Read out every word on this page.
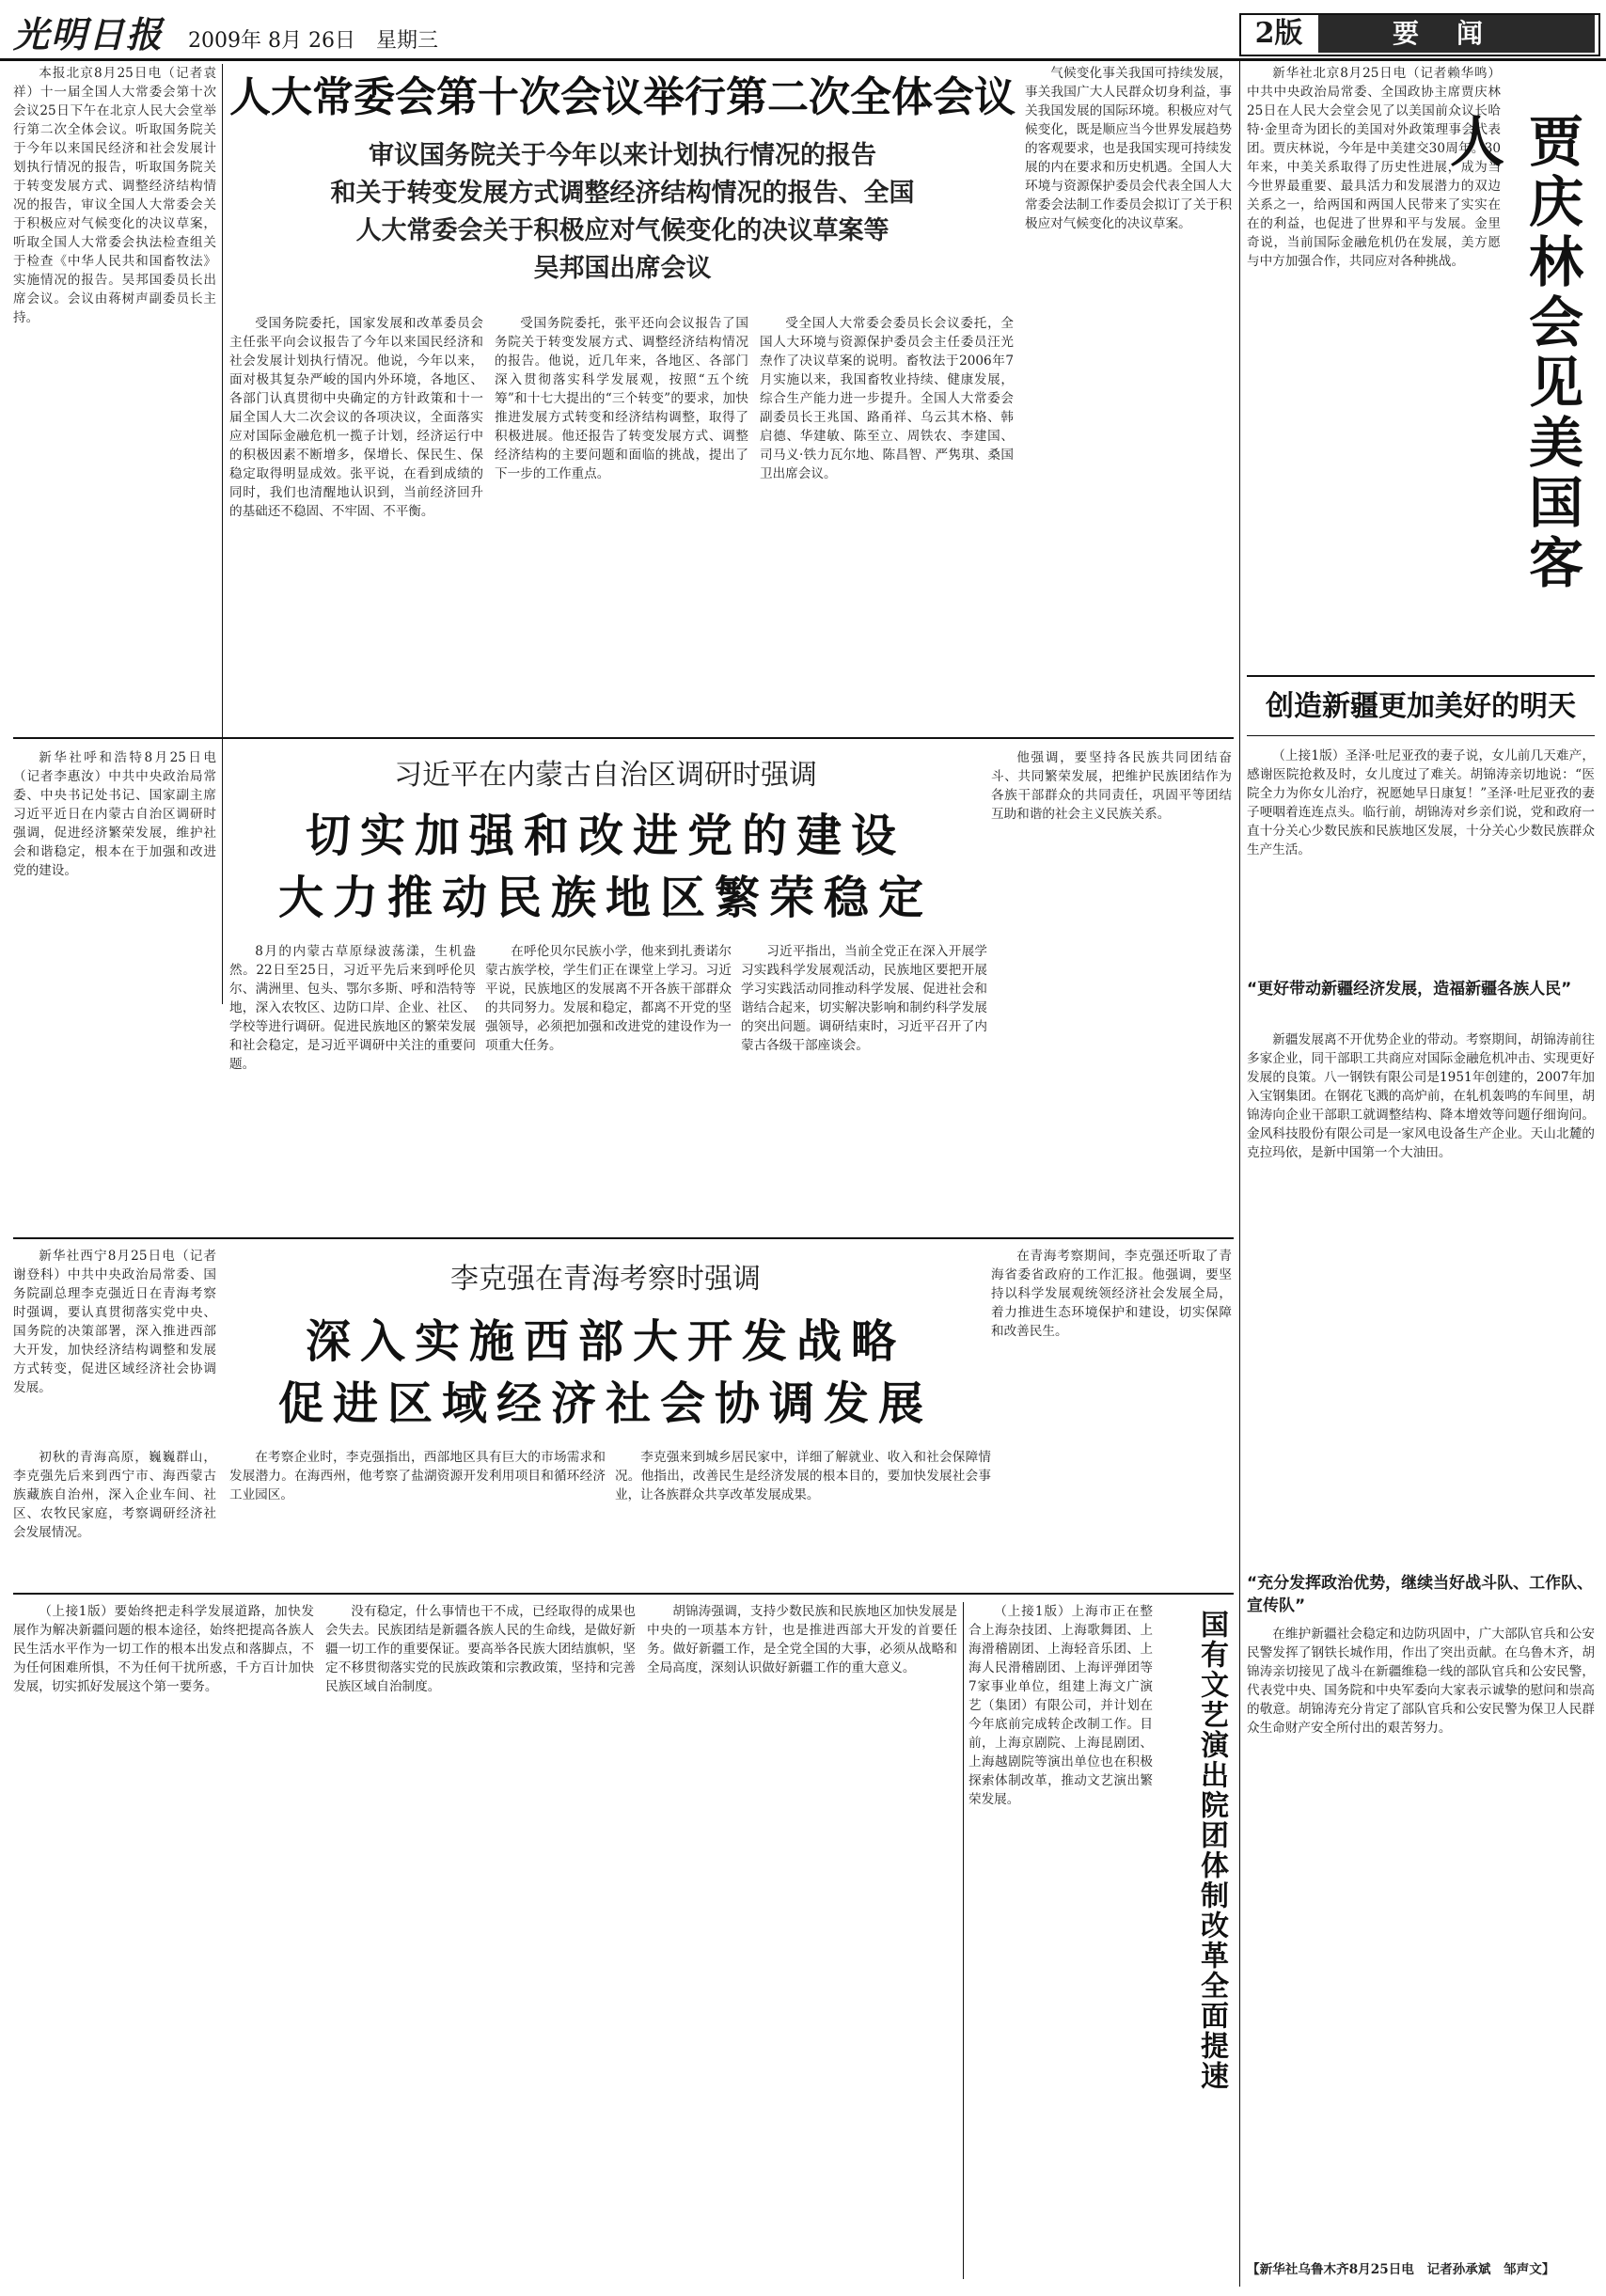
光明日报 2009年 8月 26日　星期三	2版	要闻

本报北京8月25日电（记者袁祥）十一届全国人大常委会第十次会议25日下午在北京人民大会堂举行第二次全体会议。听取国务院关于今年以来国民经济和社会发展计划执行情况的报告，听取国务院关于转变发展方式、调整经济结构情况的报告，审议全国人大常委会关于积极应对气候变化的决议草案，听取全国人大常委会执法检查组关于检查《中华人民共和国畜牧法》实施情况的报告。吴邦国委员长出席会议。会议由蒋树声副委员长主持。

人大常委会第十次会议举行第二次全体会议
审议国务院关于今年以来计划执行情况的报告
和关于转变发展方式调整经济结构情况的报告、全国
人大常委会关于积极应对气候变化的决议草案等
吴邦国出席会议

气候变化事关我国可持续发展，事关我国广大人民群众切身利益，事关我国发展的国际环境。积极应对气候变化，既是顺应当今世界发展趋势的客观要求，也是我国实现可持续发展的内在要求和历史机遇。全国人大环境与资源保护委员会代表全国人大常委会法制工作委员会拟订了关于积极应对气候变化的决议草案。

受国务院委托，国家发展和改革委员会主任张平向会议报告了今年以来国民经济和社会发展计划执行情况。他说，今年以来，面对极其复杂严峻的国内外环境，各地区、各部门认真贯彻中央确定的方针政策和十一届全国人大二次会议的各项决议，全面落实应对国际金融危机一揽子计划，经济运行中的积极因素不断增多，保增长、保民生、保稳定取得明显成效。张平说，在看到成绩的同时，我们也清醒地认识到，当前经济回升的基础还不稳固、不牢固、不平衡。

受国务院委托，张平还向会议报告了国务院关于转变发展方式、调整经济结构情况的报告。他说，近几年来，各地区、各部门深入贯彻落实科学发展观，按照“五个统筹”和十七大提出的“三个转变”的要求，加快推进发展方式转变和经济结构调整，取得了积极进展。他还报告了转变发展方式、调整经济结构的主要问题和面临的挑战，提出了下一步的工作重点。

受全国人大常委会委员长会议委托，全国人大环境与资源保护委员会主任委员汪光焘作了决议草案的说明。畜牧法于2006年7月实施以来，我国畜牧业持续、健康发展，综合生产能力进一步提升。全国人大常委会副委员长王兆国、路甬祥、乌云其木格、韩启德、华建敏、陈至立、周铁农、李建国、司马义·铁力瓦尔地、陈昌智、严隽琪、桑国卫出席会议。

新华社北京8月25日电（记者赖华鸣）中共中央政治局常委、全国政协主席贾庆林25日在人民大会堂会见了以美国前众议长哈特·金里奇为团长的美国对外政策理事会代表团。贾庆林说，今年是中美建交30周年。30年来，中美关系取得了历史性进展，成为当今世界最重要、最具活力和发展潜力的双边关系之一，给两国和两国人民带来了实实在在的利益，也促进了世界和平与发展。金里奇说，当前国际金融危机仍在发展，美方愿与中方加强合作，共同应对各种挑战。	贾庆林会见美国客人
创造新疆更加美好的明天

（上接1版）圣泽·吐尼亚孜的妻子说，女儿前几天难产，感谢医院抢救及时，女儿度过了难关。胡锦涛亲切地说：“医院全力为你女儿治疗，祝愿她早日康复！”圣泽·吐尼亚孜的妻子哽咽着连连点头。临行前，胡锦涛对乡亲们说，党和政府一直十分关心少数民族和民族地区发展，十分关心少数民族群众生产生活。

“更好带动新疆经济发展，造福新疆各族人民”

新疆发展离不开优势企业的带动。考察期间，胡锦涛前往多家企业，同干部职工共商应对国际金融危机冲击、实现更好发展的良策。八一钢铁有限公司是1951年创建的，2007年加入宝钢集团。在钢花飞溅的高炉前，在轧机轰鸣的车间里，胡锦涛向企业干部职工就调整结构、降本增效等问题仔细询问。金风科技股份有限公司是一家风电设备生产企业。天山北麓的克拉玛依，是新中国第一个大油田。

“充分发挥政治优势，继续当好战斗队、工作队、宣传队”

在维护新疆社会稳定和边防巩固中，广大部队官兵和公安民警发挥了钢铁长城作用，作出了突出贡献。在乌鲁木齐，胡锦涛亲切接见了战斗在新疆维稳一线的部队官兵和公安民警，代表党中央、国务院和中央军委向大家表示诚挚的慰问和崇高的敬意。胡锦涛充分肯定了部队官兵和公安民警为保卫人民群众生命财产安全所付出的艰苦努力。

【新华社乌鲁木齐8月25日电　记者孙承斌　邹声文】

新华社呼和浩特8月25日电（记者李惠汝）中共中央政治局常委、中央书记处书记、国家副主席习近平近日在内蒙古自治区调研时强调，促进经济繁荣发展，维护社会和谐稳定，根本在于加强和改进党的建设。

习近平在内蒙古自治区调研时强调
切实加强和改进党的建设
大力推动民族地区繁荣稳定

他强调，要坚持各民族共同团结奋斗、共同繁荣发展，把维护民族团结作为各族干部群众的共同责任，巩固平等团结互助和谐的社会主义民族关系。

8月的内蒙古草原绿波荡漾，生机盎然。22日至25日，习近平先后来到呼伦贝尔、满洲里、包头、鄂尔多斯、呼和浩特等地，深入农牧区、边防口岸、企业、社区、学校等进行调研。促进民族地区的繁荣发展和社会稳定，是习近平调研中关注的重要问题。

在呼伦贝尔民族小学，他来到扎赉诺尔蒙古族学校，学生们正在课堂上学习。习近平说，民族地区的发展离不开各族干部群众的共同努力。发展和稳定，都离不开党的坚强领导，必须把加强和改进党的建设作为一项重大任务。

习近平指出，当前全党正在深入开展学习实践科学发展观活动，民族地区要把开展学习实践活动同推动科学发展、促进社会和谐结合起来，切实解决影响和制约科学发展的突出问题。调研结束时，习近平召开了内蒙古各级干部座谈会。

新华社西宁8月25日电（记者谢登科）中共中央政治局常委、国务院副总理李克强近日在青海考察时强调，要认真贯彻落实党中央、国务院的决策部署，深入推进西部大开发，加快经济结构调整和发展方式转变，促进区域经济社会协调发展。

李克强在青海考察时强调
深入实施西部大开发战略
促进区域经济社会协调发展

在青海考察期间，李克强还听取了青海省委省政府的工作汇报。他强调，要坚持以科学发展观统领经济社会发展全局，着力推进生态环境保护和建设，切实保障和改善民生。

初秋的青海高原，巍巍群山，李克强先后来到西宁市、海西蒙古族藏族自治州，深入企业车间、社区、农牧民家庭，考察调研经济社会发展情况。

在考察企业时，李克强指出，西部地区具有巨大的市场需求和发展潜力。在海西州，他考察了盐湖资源开发利用项目和循环经济工业园区。

李克强来到城乡居民家中，详细了解就业、收入和社会保障情况。他指出，改善民生是经济发展的根本目的，要加快发展社会事业，让各族群众共享改革发展成果。

（上接1版）要始终把走科学发展道路，加快发展作为解决新疆问题的根本途径，始终把提高各族人民生活水平作为一切工作的根本出发点和落脚点，不为任何困难所惧，不为任何干扰所惑，千方百计加快发展，切实抓好发展这个第一要务。

没有稳定，什么事情也干不成，已经取得的成果也会失去。民族团结是新疆各族人民的生命线，是做好新疆一切工作的重要保证。要高举各民族大团结旗帜，坚定不移贯彻落实党的民族政策和宗教政策，坚持和完善民族区域自治制度。

胡锦涛强调，支持少数民族和民族地区加快发展是中央的一项基本方针，也是推进西部大开发的首要任务。做好新疆工作，是全党全国的大事，必须从战略和全局高度，深刻认识做好新疆工作的重大意义。

（上接1版）上海市正在整合上海杂技团、上海歌舞团、上海滑稽剧团、上海轻音乐团、上海人民滑稽剧团、上海评弹团等7家事业单位，组建上海文广演艺（集团）有限公司，并计划在今年底前完成转企改制工作。目前，上海京剧院、上海昆剧团、上海越剧院等演出单位也在积极探索体制改革，推动文艺演出繁荣发展。	国有文艺演出院团体制改革全面提速
